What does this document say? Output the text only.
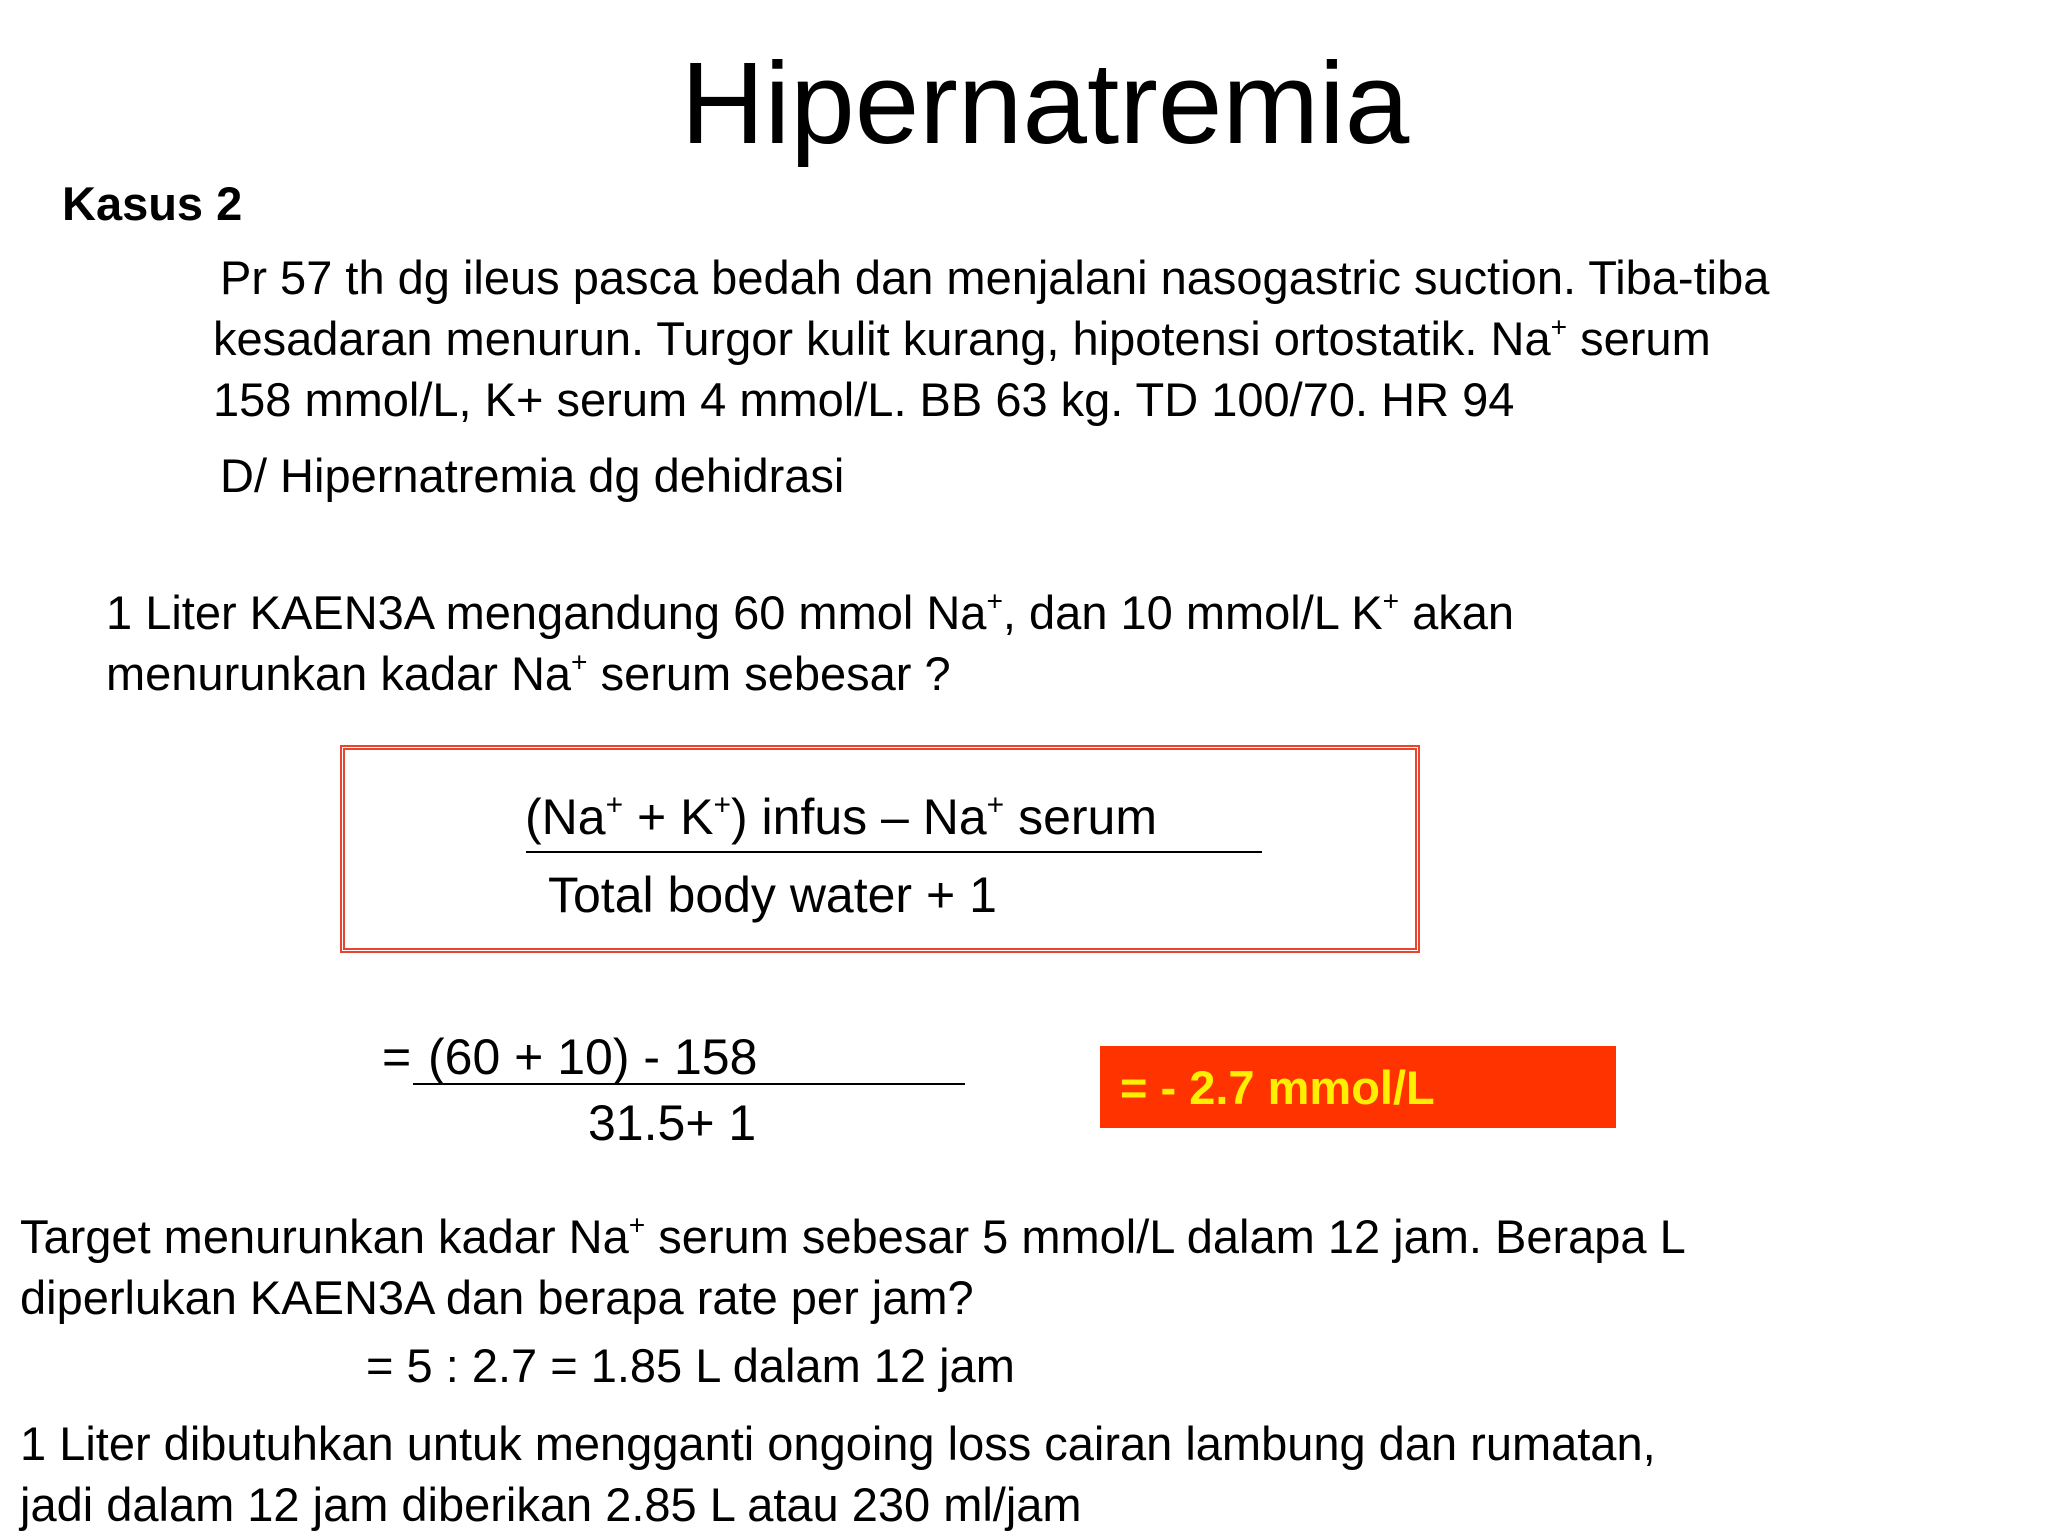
Hipernatremia
Kasus 2
Pr 57 th dg ileus pasca bedah dan menjalani nasogastric suction. Tiba-tiba
kesadaran menurun. Turgor kulit kurang, hipotensi ortostatik. Na+ serum
158 mmol/L, K+ serum 4 mmol/L. BB 63 kg. TD 100/70. HR 94
D/ Hipernatremia dg dehidrasi
1 Liter KAEN3A mengandung 60 mmol Na+, dan 10 mmol/L K+ akan
menurunkan kadar Na+ serum sebesar ?
(Na+ + K+) infus – Na+ serum
Total body water + 1
= (60 + 10) - 158
31.5+ 1
= - 2.7 mmol/L
Target menurunkan kadar Na+ serum sebesar 5 mmol/L dalam 12 jam. Berapa L
diperlukan KAEN3A dan berapa rate per jam?
= 5 : 2.7 = 1.85 L dalam 12 jam
1 Liter dibutuhkan untuk mengganti ongoing loss cairan lambung dan rumatan,
jadi dalam 12 jam diberikan 2.85 L atau 230 ml/jam
